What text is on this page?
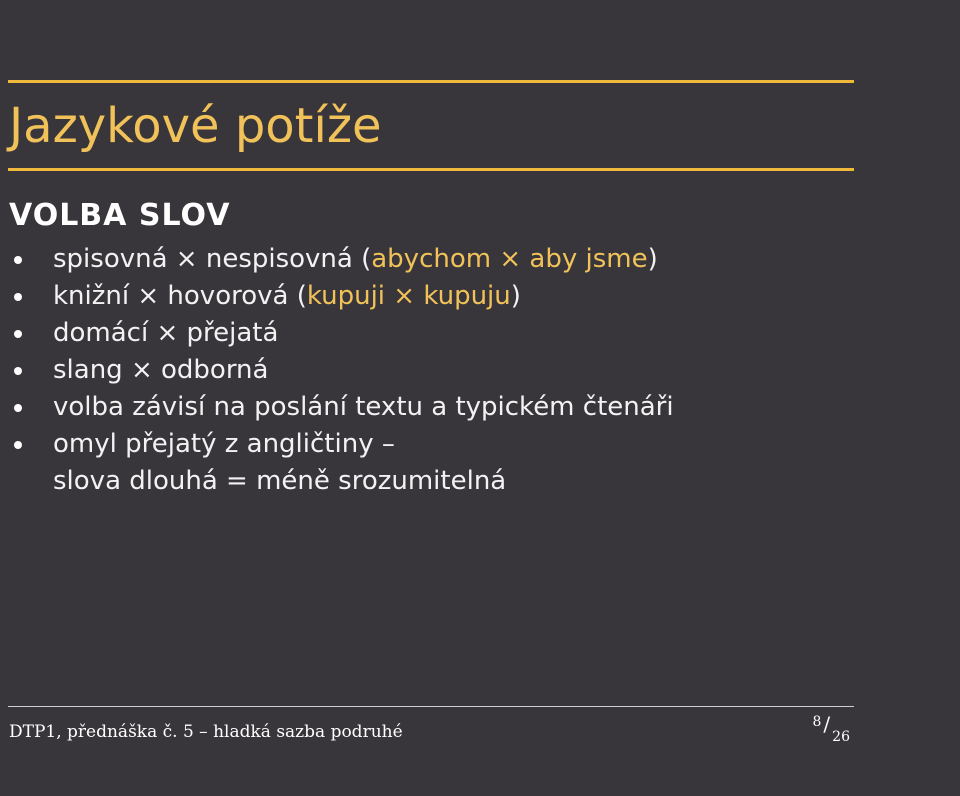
Jazykové potíže
VOLBA SLOV
spisovná × nespisovná (abychom × aby jsme)
knižní × hovorová (kupuji × kupuju)
domácí × přejatá
slang × odborná
volba závisí na poslání textu a typickém čtenáři
omyl přejatý z angličtiny –
slova dlouhá = méně srozumitelná
DTP1, přednáška č. 5 – hladká sazba podruhé	8 /26
